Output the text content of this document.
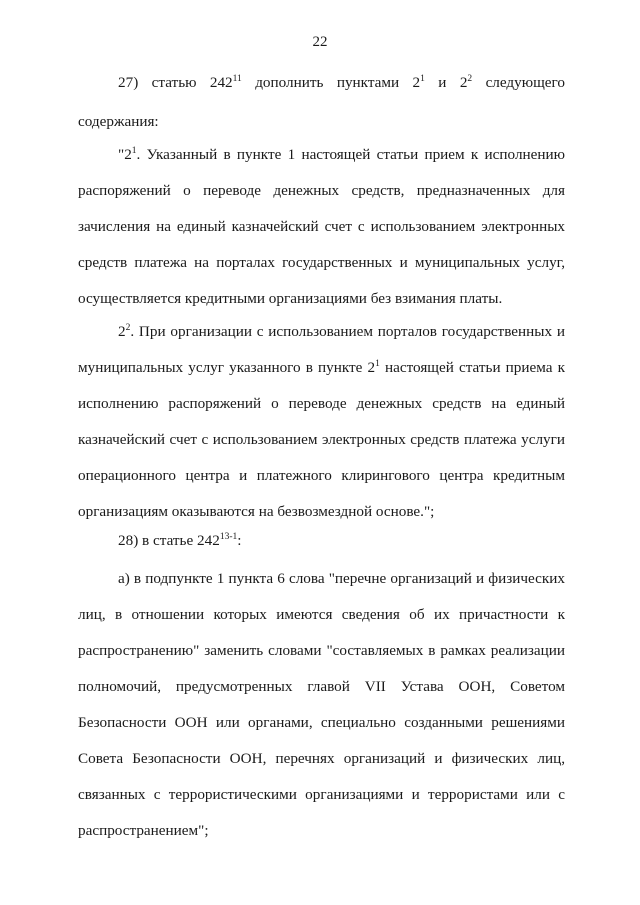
22
27) статью $242^{11}$ дополнить пунктами $2^1$ и $2^2$ следующего
содержания:
"$2^1$. Указанный в пункте 1 настоящей статьи прием к исполнению
распоряжений о переводе денежных средств, предназначенных для
зачисления на единый казначейский счет с использованием электронных
средств платежа на порталах государственных и муниципальных услуг,
осуществляется кредитными организациями без взимания платы.
$2^2$. При организации с использованием порталов государственных и
муниципальных услуг указанного в пункте $2^1$ настоящей статьи приема к
исполнению распоряжений о переводе денежных средств на единый
казначейский счет с использованием электронных средств платежа услуги
операционного центра и платежного клирингового центра кредитным
организациям оказываются на безвозмездной основе.";
28) в статье 242$^{13-1}$:
а) в подпункте 1 пункта 6 слова "перечне организаций и физических
лиц, в отношении которых имеются сведения об их причастности к
распространению" заменить словами "составляемых в рамках реализации
полномочий, предусмотренных главой VII Устава ООН, Советом
Безопасности ООН или органами, специально созданными решениями
Совета Безопасности ООН, перечнях организаций и физических лиц,
связанных с террористическими организациями и террористами или с
распространением";
